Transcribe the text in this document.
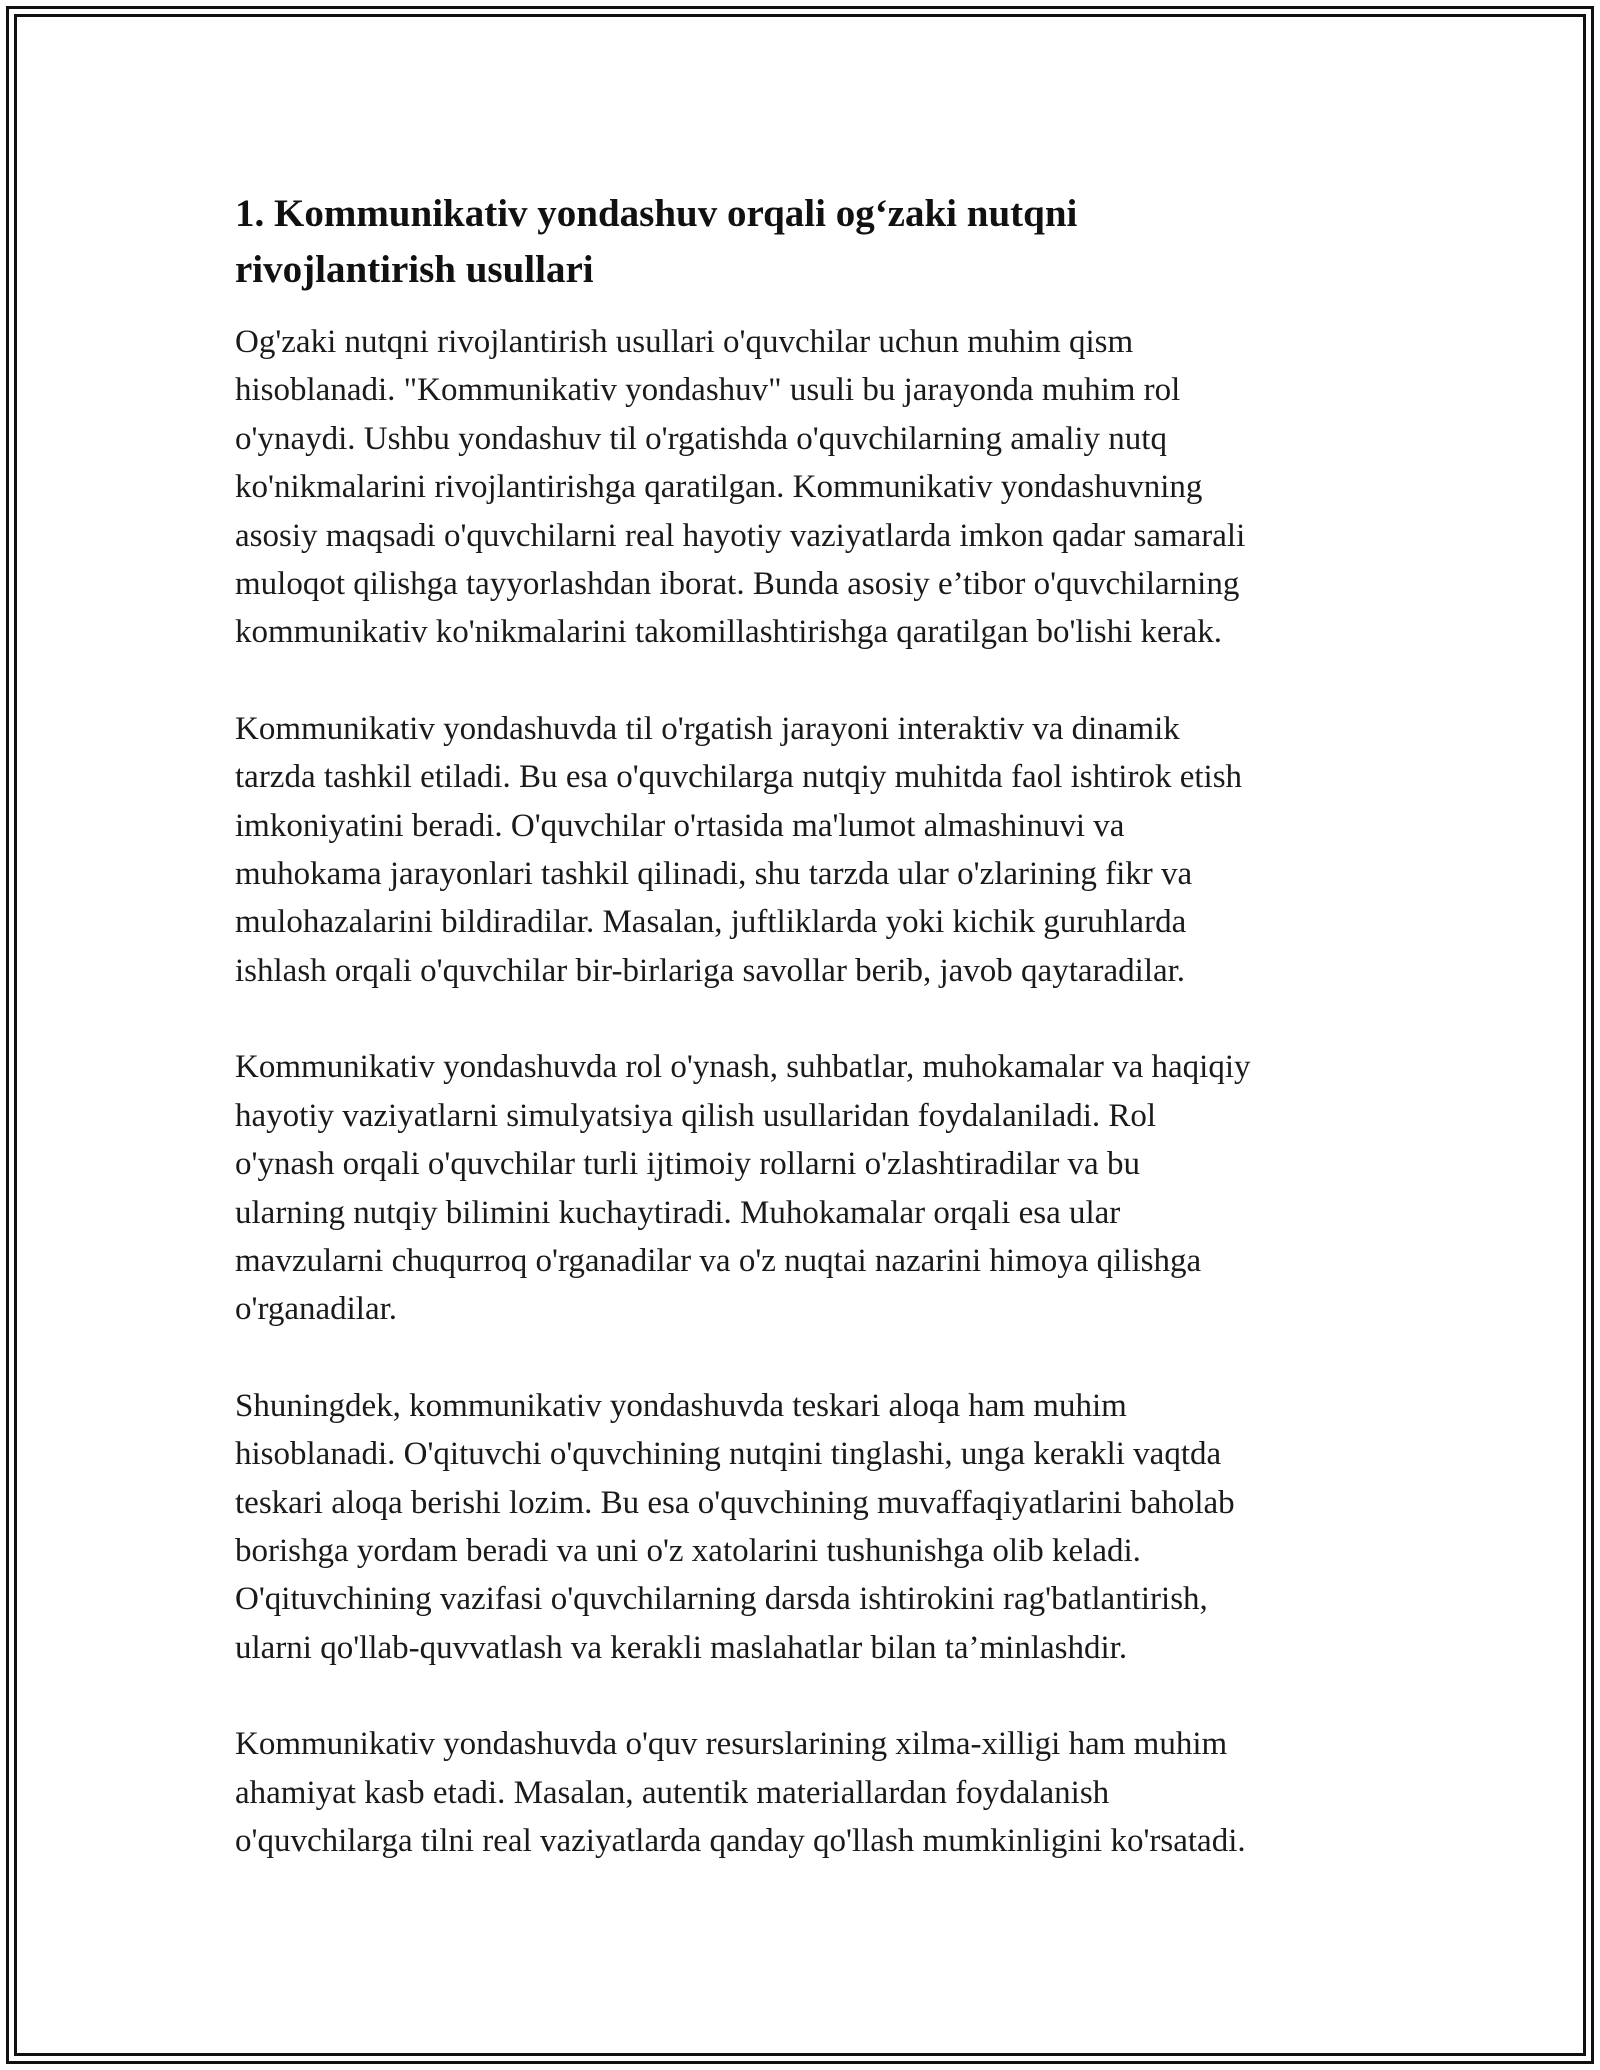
1. Kommunikativ yondashuv orqali og‘zaki nutqni
rivojlantirish usullari

Og'zaki nutqni rivojlantirish usullari o'quvchilar uchun muhim qism
hisoblanadi. "Kommunikativ yondashuv" usuli bu jarayonda muhim rol
o'ynaydi. Ushbu yondashuv til o'rgatishda o'quvchilarning amaliy nutq
ko'nikmalarini rivojlantirishga qaratilgan. Kommunikativ yondashuvning
asosiy maqsadi o'quvchilarni real hayotiy vaziyatlarda imkon qadar samarali
muloqot qilishga tayyorlashdan iborat. Bunda asosiy e’tibor o'quvchilarning
kommunikativ ko'nikmalarini takomillashtirishga qaratilgan bo'lishi kerak.

Kommunikativ yondashuvda til o'rgatish jarayoni interaktiv va dinamik
tarzda tashkil etiladi. Bu esa o'quvchilarga nutqiy muhitda faol ishtirok etish
imkoniyatini beradi. O'quvchilar o'rtasida ma'lumot almashinuvi va
muhokama jarayonlari tashkil qilinadi, shu tarzda ular o'zlarining fikr va
mulohazalarini bildiradilar. Masalan, juftliklarda yoki kichik guruhlarda
ishlash orqali o'quvchilar bir-birlariga savollar berib, javob qaytaradilar.

Kommunikativ yondashuvda rol o'ynash, suhbatlar, muhokamalar va haqiqiy
hayotiy vaziyatlarni simulyatsiya qilish usullaridan foydalaniladi. Rol
o'ynash orqali o'quvchilar turli ijtimoiy rollarni o'zlashtiradilar va bu
ularning nutqiy bilimini kuchaytiradi. Muhokamalar orqali esa ular
mavzularni chuqurroq o'rganadilar va o'z nuqtai nazarini himoya qilishga
o'rganadilar.

Shuningdek, kommunikativ yondashuvda teskari aloqa ham muhim
hisoblanadi. O'qituvchi o'quvchining nutqini tinglashi, unga kerakli vaqtda
teskari aloqa berishi lozim. Bu esa o'quvchining muvaffaqiyatlarini baholab
borishga yordam beradi va uni o'z xatolarini tushunishga olib keladi.
O'qituvchining vazifasi o'quvchilarning darsda ishtirokini rag'batlantirish,
ularni qo'llab-quvvatlash va kerakli maslahatlar bilan ta’minlashdir.

Kommunikativ yondashuvda o'quv resurslarining xilma-xilligi ham muhim
ahamiyat kasb etadi. Masalan, autentik materiallardan foydalanish
o'quvchilarga tilni real vaziyatlarda qanday qo'llash mumkinligini ko'rsatadi.
